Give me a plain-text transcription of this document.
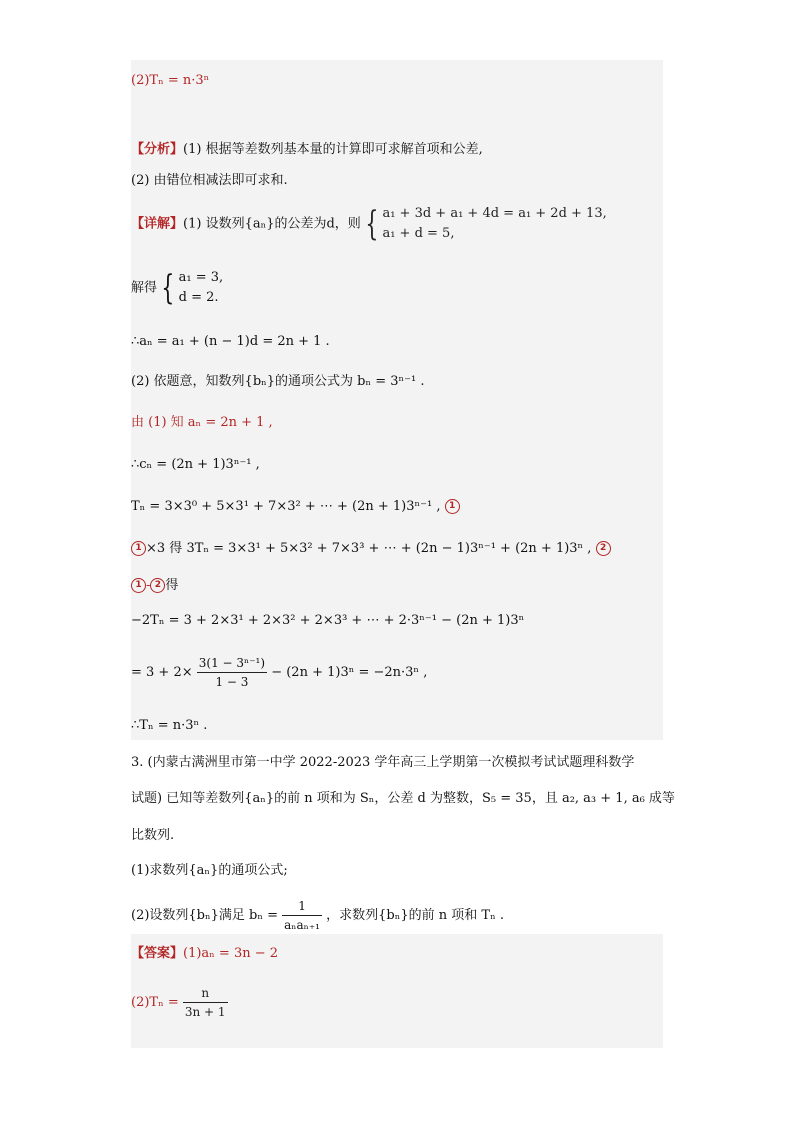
(2)Tₙ = n·3ⁿ
【分析】(1) 根据等差数列基本量的计算即可求解首项和公差,
(2) 由错位相减法即可求和.
【详解】(1) 设数列{aₙ}的公差为d，则 { a₁ + 3d + a₁ + 4d = a₁ + 2d + 13,
a₁ + d = 5,
解得 { a₁ = 3,
d = 2.
∴aₙ = a₁ + (n − 1)d = 2n + 1 .
(2) 依题意，知数列{bₙ}的通项公式为 bₙ = 3ⁿ⁻¹ .
由 (1) 知 aₙ = 2n + 1 ,
∴cₙ = (2n + 1)3ⁿ⁻¹ ,
Tₙ = 3×3⁰ + 5×3¹ + 7×3² + ⋯ + (2n + 1)3ⁿ⁻¹ , 1
1 ×3 得 3Tₙ = 3×3¹ + 5×3² + 7×3³ + ⋯ + (2n − 1)3ⁿ⁻¹ + (2n + 1)3ⁿ , 2
1 - 2 得
−2Tₙ = 3 + 2×3¹ + 2×3² + 2×3³ + ⋯ + 2·3ⁿ⁻¹ − (2n + 1)3ⁿ
= $3 + 2\times \frac{\text{3(1 − 3ⁿ⁻¹)}}{1 - 3} - (2n + 1)3^n = -2n\cdot 3^n$ ,
∴Tₙ = n·3ⁿ .
3. (内蒙古满洲里市第一中学 2022-2023 学年高三上学期第一次模拟考试试题理科数学
试题) 已知等差数列{aₙ}的前 n 项和为 Sₙ，公差 d 为整数，S₅ = 35，且 a₂, a₃ + 1, a₆ 成等
比数列.
(1)求数列{aₙ}的通项公式;
(2)设数列{bₙ}满足 $b_n = \frac{1}{\text{aₙaₙ₊₁}}$ ，求数列{bₙ}的前 n 项和 Tₙ .
【答案】(1)aₙ = 3n − 2
$(2)T_n = \frac{n}{3n + 1}$
